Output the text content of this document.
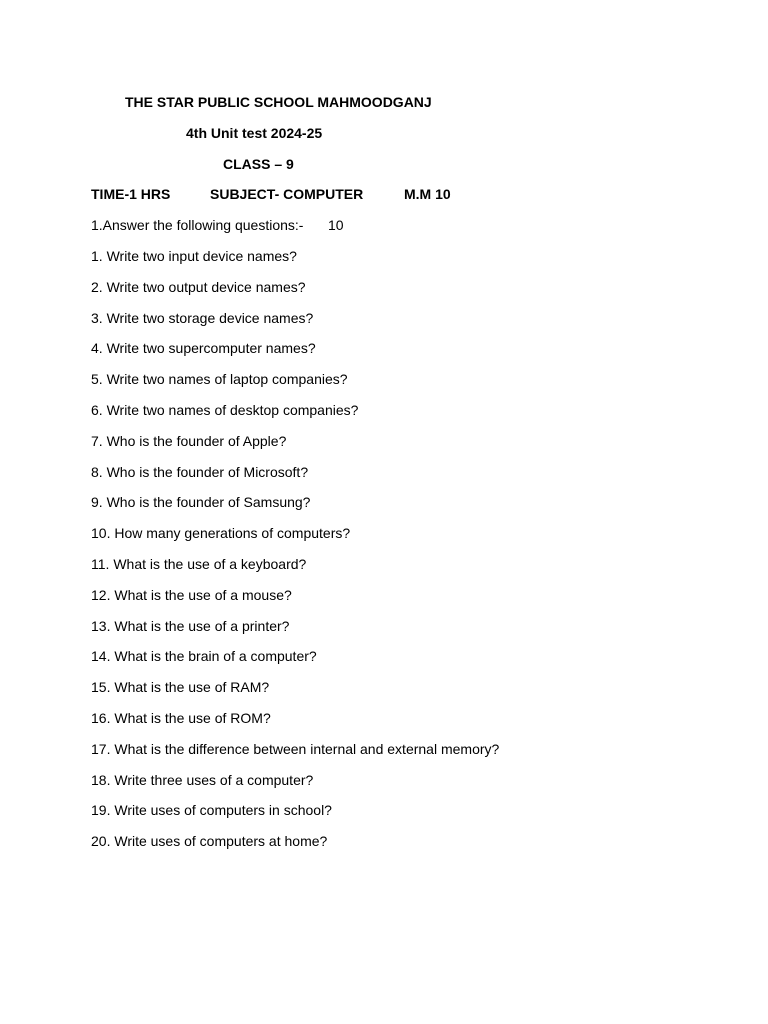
THE STAR PUBLIC SCHOOL MAHMOODGANJ
4th Unit test 2024-25
CLASS – 9
TIME-1 HRS	SUBJECT- COMPUTER	M.M 10
1.Answer the following questions:- 10
1. Write two input device names?
2. Write two output device names?
3. Write two storage device names?
4. Write two supercomputer names?
5. Write two names of laptop companies?
6. Write two names of desktop companies?
7. Who is the founder of Apple?
8. Who is the founder of Microsoft?
9. Who is the founder of Samsung?
10. How many generations of computers?
11. What is the use of a keyboard?
12. What is the use of a mouse?
13. What is the use of a printer?
14. What is the brain of a computer?
15. What is the use of RAM?
16. What is the use of ROM?
17. What is the difference between internal and external memory?
18. Write three uses of a computer?
19. Write uses of computers in school?
20. Write uses of computers at home?
